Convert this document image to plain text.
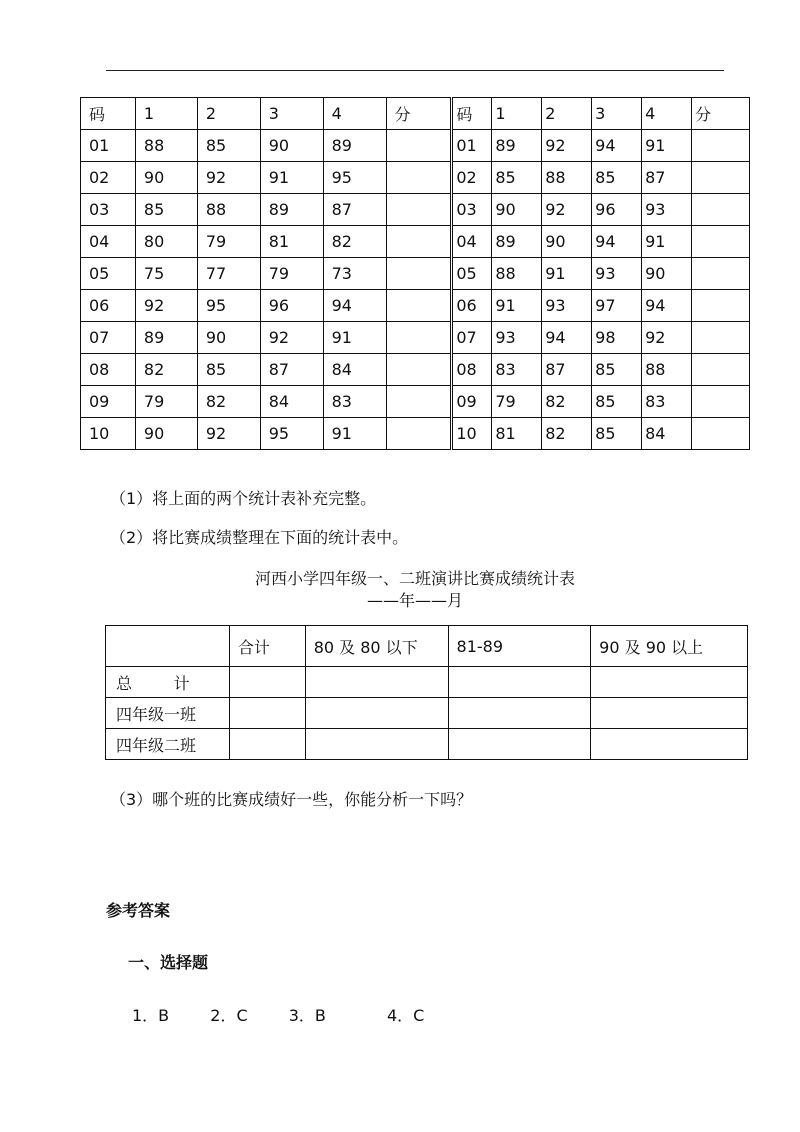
码	1	2	3	4	分	码	1	2	3	4	分
01	88	85	90	89		01	89	92	94	91	
02	90	92	91	95		02	85	88	85	87	
03	85	88	89	87		03	90	92	96	93	
04	80	79	81	82		04	89	90	94	91	
05	75	77	79	73		05	88	91	93	90	
06	92	95	96	94		06	91	93	97	94	
07	89	90	92	91		07	93	94	98	92	
08	82	85	87	84		08	83	87	85	88	
09	79	82	84	83		09	79	82	85	83	
10	90	92	95	91		10	81	82	85	84	
（1）将上面的两个统计表补充完整。
（2）将比赛成绩整理在下面的统计表中。
河西小学四年级一、二班演讲比赛成绩统计表
——年——月
	合计	80 及 80 以下	81-89	90 及 90 以上
总　　计				
四年级一班				
四年级二班				
（3）哪个班的比赛成绩好一些，你能分析一下吗？
参考答案
一、选择题
1．B	2．C	3．B	4．C
